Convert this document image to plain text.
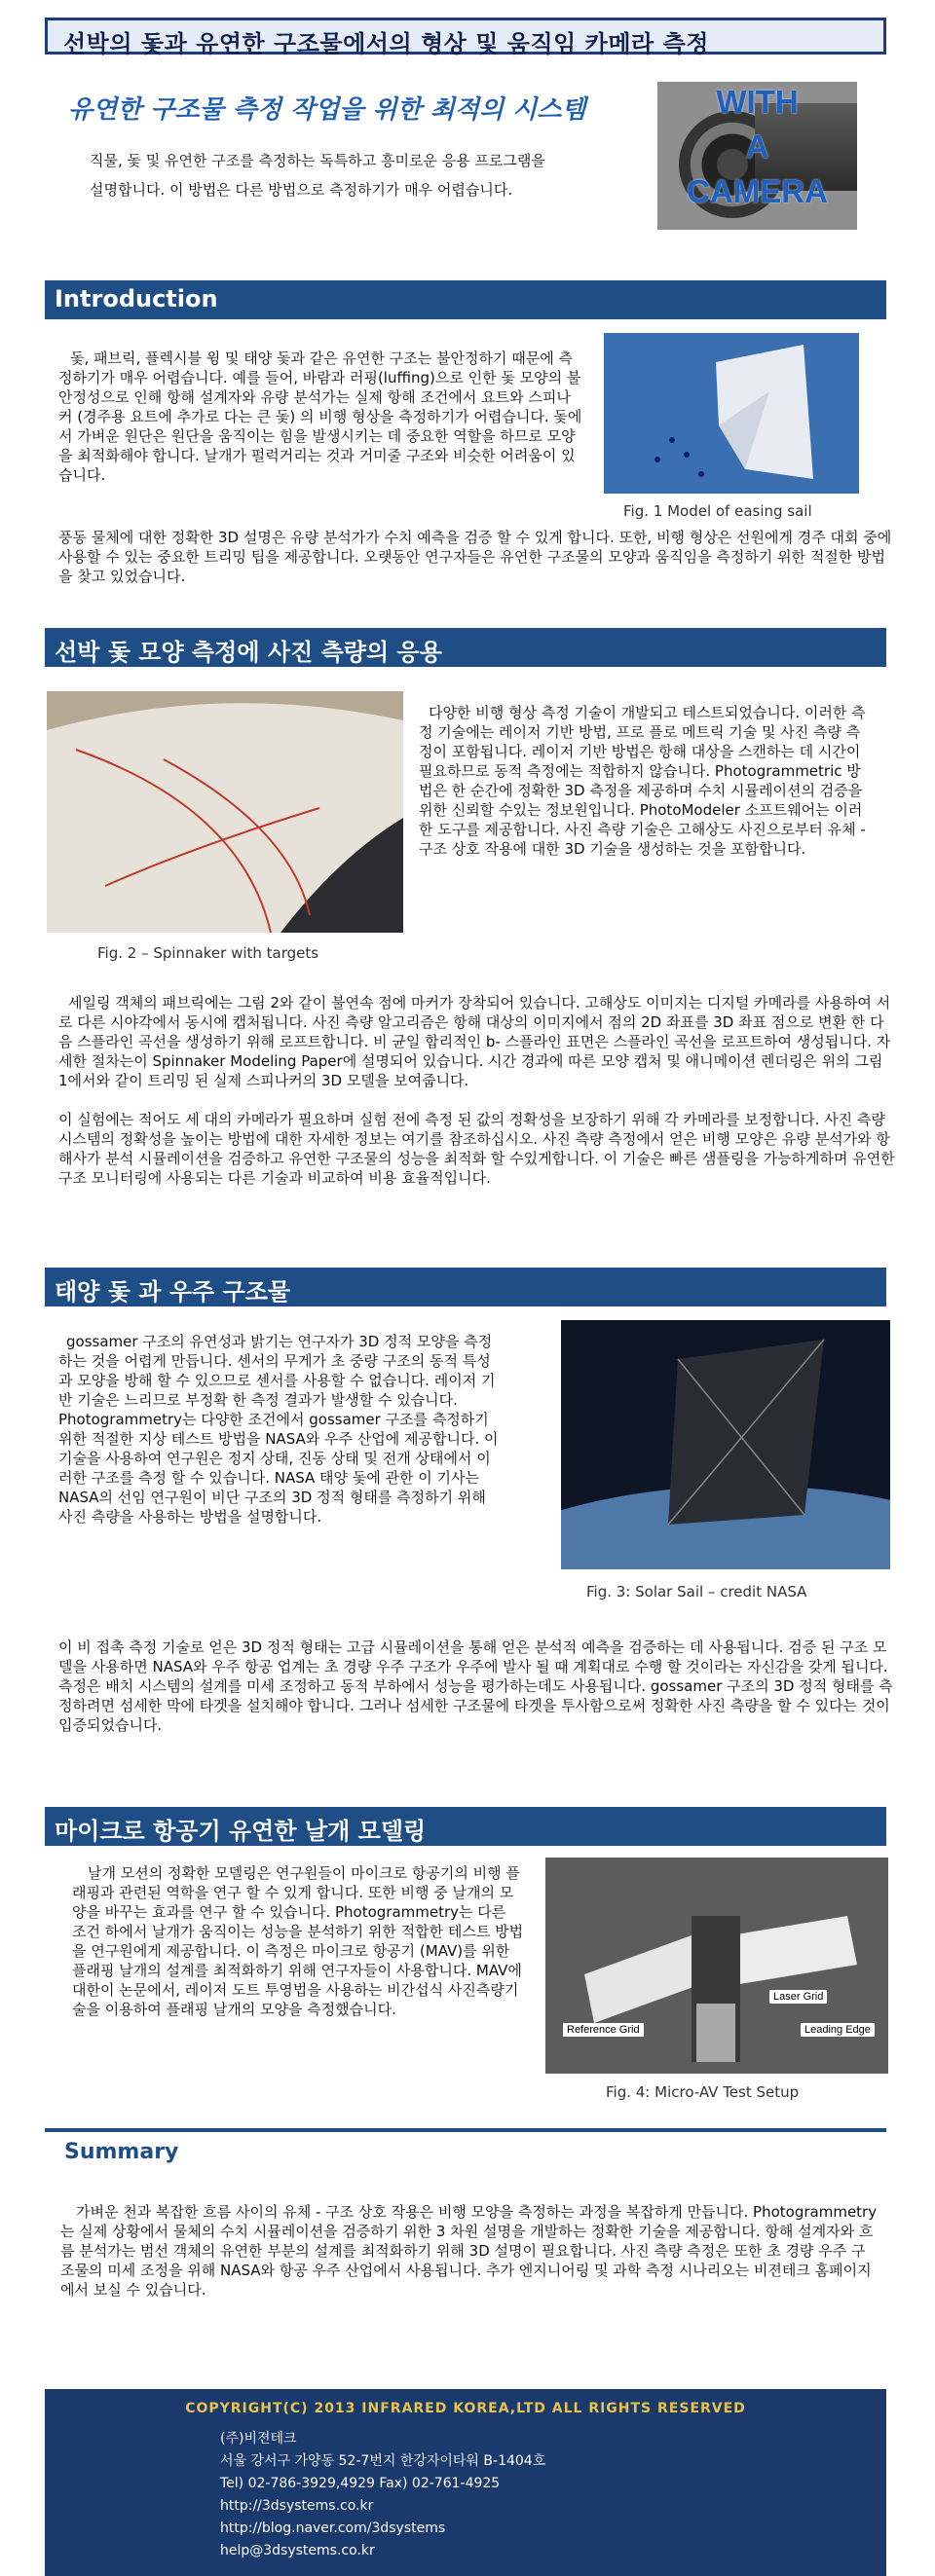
선박의 돛과 유연한 구조물에서의 형상 및 움직임 카메라 측정
유연한 구조물 측정 작업을 위한 최적의 시스템
직물, 돛 및 유연한 구조를 측정하는 독특하고 흥미로운 응용 프로그램을 설명합니다. 이 방법은 다른 방법으로 측정하기가 매우 어렵습니다.
WITH
A
CAMERA
Introduction
돛, 패브릭, 플렉시블 윙 및 태양 돛과 같은 유연한 구조는 불안정하기 때문에 측정하기가 매우 어렵습니다. 예를 들어, 바람과 러핑(luffing)으로 인한 돛 모양의 불안정성으로 인해 항해 설계자와 유량 분석가는 실제 항해 조건에서 요트와 스피나커 (경주용 요트에 추가로 다는 큰 돛) 의 비행 형상을 측정하기가 어렵습니다. 돛에서 가벼운 원단은 원단을 움직이는 힘을 발생시키는 데 중요한 역할을 하므로 모양을 최적화해야 합니다. 날개가 펄럭거리는 것과 거미줄 구조와 비슷한 어려움이 있습니다.
Fig. 1 Model of easing sail
풍동 물체에 대한 정확한 3D 설명은 유량 분석가가 수치 예측을 검증 할 수 있게 합니다. 또한, 비행 형상은 선원에게 경주 대회 중에 사용할 수 있는 중요한 트리밍 팁을 제공합니다. 오랫동안 연구자들은 유연한 구조물의 모양과 움직임을 측정하기 위한 적절한 방법을 찾고 있었습니다.
선박 돛 모양 측정에 사진 측량의 응용
Fig. 2 – Spinnaker with targets
다양한 비행 형상 측정 기술이 개발되고 테스트되었습니다. 이러한 측정 기술에는 레이저 기반 방법, 프로 플로 메트릭 기술 및 사진 측량 측정이 포함됩니다. 레이저 기반 방법은 항해 대상을 스캔하는 데 시간이 필요하므로 동적 측정에는 적합하지 않습니다. Photogrammetric 방법은 한 순간에 정확한 3D 측정을 제공하며 수치 시뮬레이션의 검증을위한 신뢰할 수있는 정보원입니다. PhotoModeler 소프트웨어는 이러한 도구를 제공합니다. 사진 측량 기술은 고해상도 사진으로부터 유체 - 구조 상호 작용에 대한 3D 기술을 생성하는 것을 포함합니다.
세일링 객체의 패브릭에는 그림 2와 같이 불연속 점에 마커가 장착되어 있습니다. 고해상도 이미지는 디지털 카메라를 사용하여 서로 다른 시야각에서 동시에 캡처됩니다. 사진 측량 알고리즘은 항해 대상의 이미지에서 점의 2D 좌표를 3D 좌표 점으로 변환 한 다음 스플라인 곡선을 생성하기 위해 로프트합니다. 비 균일 합리적인 b- 스플라인 표면은 스플라인 곡선을 로프트하여 생성됩니다. 자세한 절차는이 Spinnaker Modeling Paper에 설명되어 있습니다. 시간 경과에 따른 모양 캡처 및 애니메이션 렌더링은 위의 그림 1에서와 같이 트리밍 된 실제 스피나커의 3D 모델을 보여줍니다.
이 실험에는 적어도 세 대의 카메라가 필요하며 실험 전에 측정 된 값의 정확성을 보장하기 위해 각 카메라를 보정합니다. 사진 측량 시스템의 정확성을 높이는 방법에 대한 자세한 정보는 여기를 참조하십시오. 사진 측량 측정에서 얻은 비행 모양은 유량 분석가와 항해사가 분석 시뮬레이션을 검증하고 유연한 구조물의 성능을 최적화 할 수있게합니다. 이 기술은 빠른 샘플링을 가능하게하며 유연한 구조 모니터링에 사용되는 다른 기술과 비교하여 비용 효율적입니다.
태양 돛 과 우주 구조물
gossamer 구조의 유연성과 밝기는 연구자가 3D 정적 모양을 측정하는 것을 어렵게 만듭니다. 센서의 무게가 초 중량 구조의 동적 특성과 모양을 방해 할 수 있으므로 센서를 사용할 수 없습니다. 레이저 기반 기술은 느리므로 부정확 한 측정 결과가 발생할 수 있습니다. Photogrammetry는 다양한 조건에서 gossamer 구조를 측정하기 위한 적절한 지상 테스트 방법을 NASA와 우주 산업에 제공합니다. 이 기술을 사용하여 연구원은 정지 상태, 진동 상태 및 전개 상태에서 이러한 구조를 측정 할 수 있습니다. NASA 태양 돛에 관한 이 기사는 NASA의 선임 연구원이 비단 구조의 3D 정적 형태를 측정하기 위해 사진 측량을 사용하는 방법을 설명합니다.
Fig. 3: Solar Sail – credit NASA
이 비 접촉 측정 기술로 얻은 3D 정적 형태는 고급 시뮬레이션을 통해 얻은 분석적 예측을 검증하는 데 사용됩니다. 검증 된 구조 모델을 사용하면 NASA와 우주 항공 업계는 초 경량 우주 구조가 우주에 발사 될 때 계획대로 수행 할 것이라는 자신감을 갖게 됩니다. 측정은 배치 시스템의 설계를 미세 조정하고 동적 부하에서 성능을 평가하는데도 사용됩니다. gossamer 구조의 3D 정적 형태를 측정하려면 섬세한 막에 타겟을 설치해야 합니다. 그러나 섬세한 구조물에 타겟을 투사함으로써 정확한 사진 측량을 할 수 있다는 것이 입증되었습니다.
마이크로 항공기 유연한 날개 모델링
날개 모션의 정확한 모델링은 연구원들이 마이크로 항공기의 비행 플래핑과 관련된 역학을 연구 할 수 있게 합니다. 또한 비행 중 날개의 모양을 바꾸는 효과를 연구 할 수 있습니다. Photogrammetry는 다른 조건 하에서 날개가 움직이는 성능을 분석하기 위한 적합한 테스트 방법을 연구원에게 제공합니다. 이 측정은 마이크로 항공기 (MAV)를 위한 플래핑 날개의 설계를 최적화하기 위해 연구자들이 사용합니다. MAV에 대한이 논문에서, 레이저 도트 투영법을 사용하는 비간섭식 사진측량기술을 이용하여 플래핑 날개의 모양을 측정했습니다.
Reference Grid
Laser Grid
Leading Edge
Fig. 4: Micro-AV Test Setup
Summary
가벼운 천과 복잡한 흐름 사이의 유체 - 구조 상호 작용은 비행 모양을 측정하는 과정을 복잡하게 만듭니다. Photogrammetry는 실제 상황에서 물체의 수치 시뮬레이션을 검증하기 위한 3 차원 설명을 개발하는 정확한 기술을 제공합니다. 항해 설계자와 흐름 분석가는 범선 객체의 유연한 부분의 설계를 최적화하기 위해 3D 설명이 필요합니다. 사진 측량 측정은 또한 초 경량 우주 구조물의 미세 조정을 위해 NASA와 항공 우주 산업에서 사용됩니다. 추가 엔지니어링 및 과학 측정 시나리오는 비젼테크 홈페이지에서 보실 수 있습니다.
COPYRIGHT(C) 2013 INFRARED KOREA,LTD ALL RIGHTS RESERVED
(주)비젼테크
서울 강서구 가양동 52-7번지 한강자이타워 B-1404호
Tel) 02-786-3929,4929 Fax) 02-761-4925
http://3dsystems.co.kr
http://blog.naver.com/3dsystems
help@3dsystems.co.kr
